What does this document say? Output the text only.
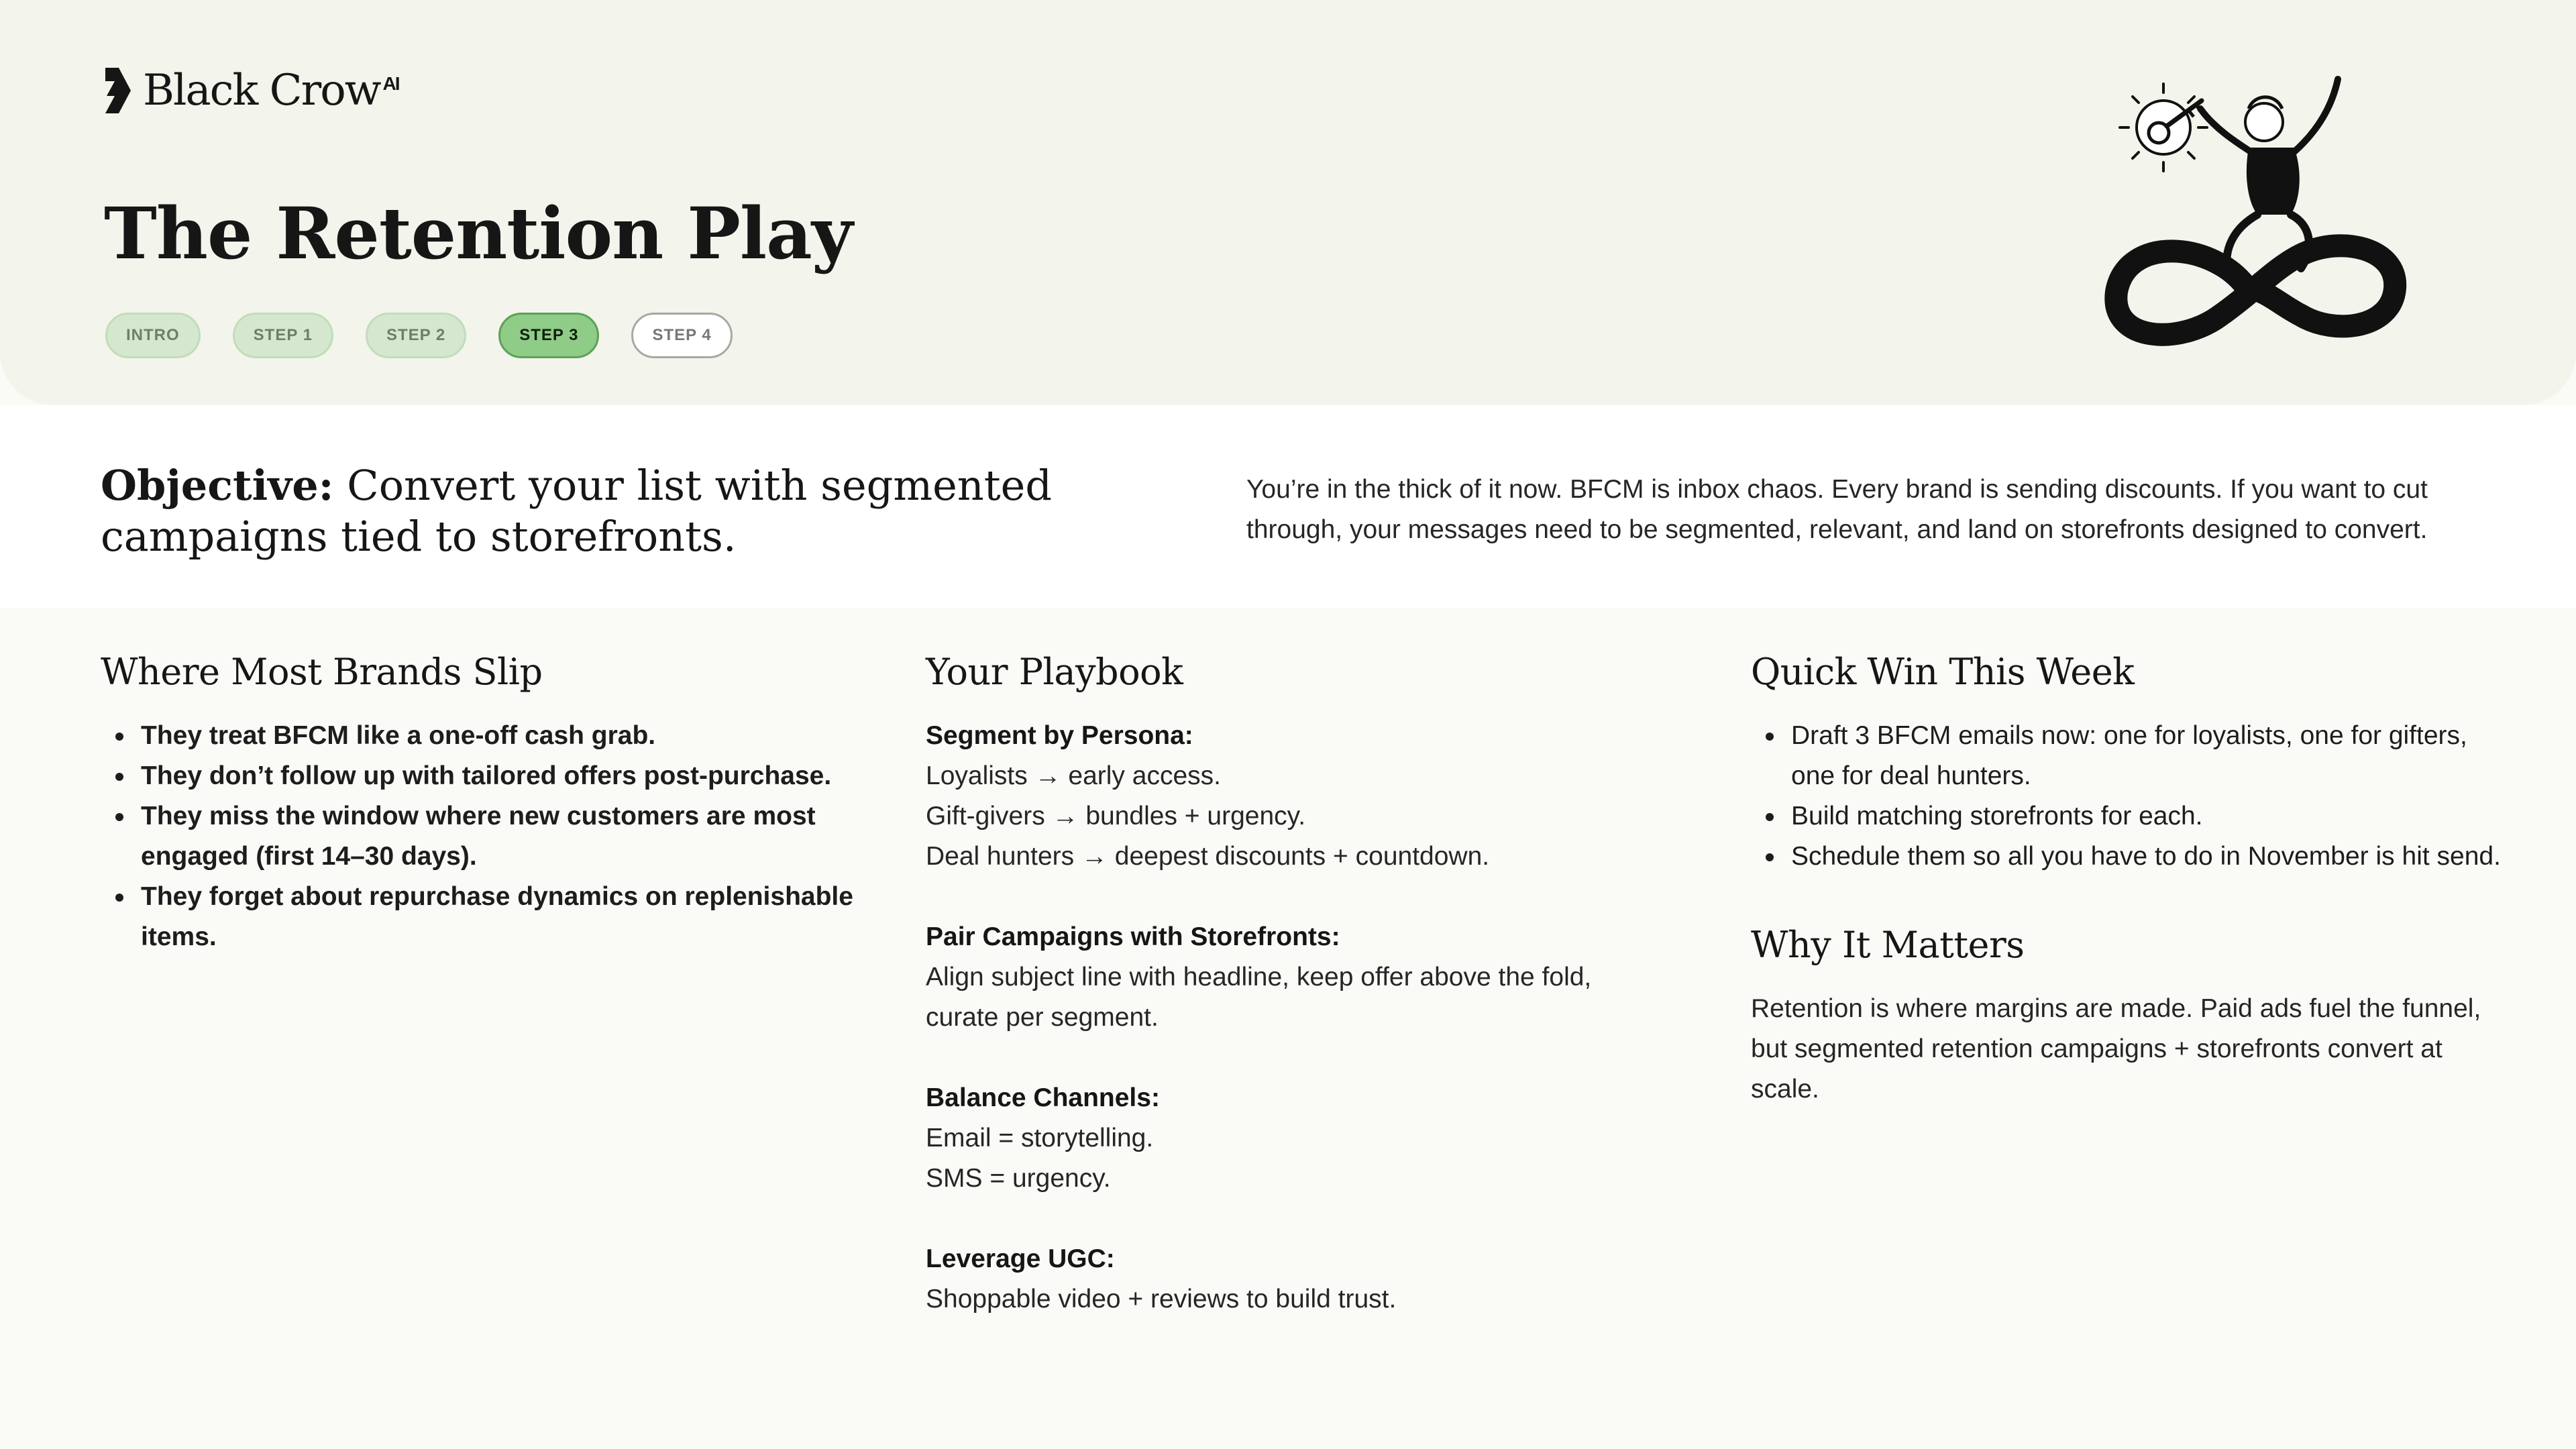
Black Crow $^{AI}$
The Retention Play
INTRO	STEP 1	STEP 2	STEP 3	STEP 4
Objective: Convert your list with segmented campaigns tied to storefronts.

You’re in the thick of it now. BFCM is inbox chaos. Every brand is sending discounts. If you want to cut through, your messages need to be segmented, relevant, and land on storefronts designed to convert.

Where Most Brands Slip
They treat BFCM like a one-off cash grab.
They don’t follow up with tailored offers post-purchase.
They miss the window where new customers are most engaged (first 14–30 days).
They forget about repurchase dynamics on replenishable items.
Your Playbook
Segment by Persona:
Loyalists → early access.
Gift-givers → bundles + urgency.
Deal hunters → deepest discounts + countdown.
Pair Campaigns with Storefronts:
Align subject line with headline, keep offer above the fold, curate per segment.
Balance Channels:
Email = storytelling.
SMS = urgency.
Leverage UGC:
Shoppable video + reviews to build trust.
Quick Win This Week
Draft 3 BFCM emails now: one for loyalists, one for gifters, one for deal hunters.
Build matching storefronts for each.
Schedule them so all you have to do in November is hit send.
Why It Matters

Retention is where margins are made. Paid ads fuel the funnel, but segmented retention campaigns + storefronts convert at scale.
